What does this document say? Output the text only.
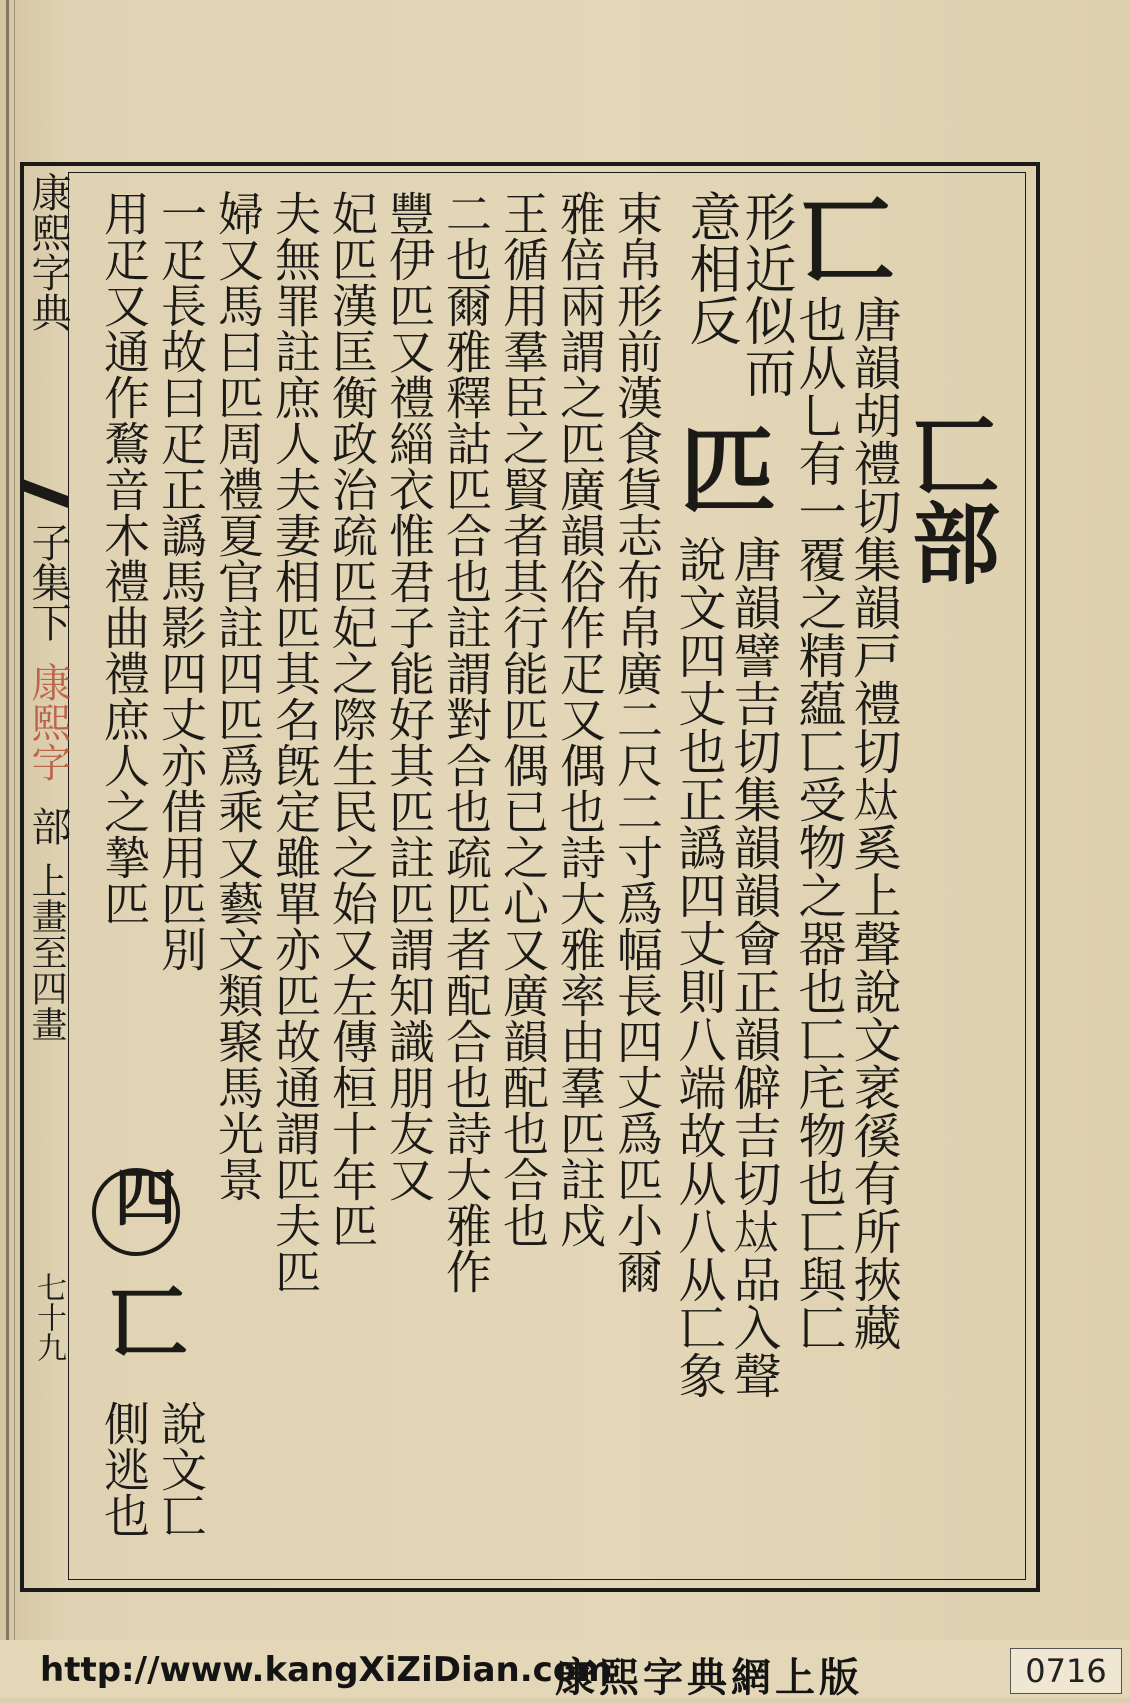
康熙字典
子集下
康熙字
部
上畫至四畫
七十九
匸部
匸
唐韻胡禮切集韻戸禮切𡘋奚上聲說文衺徯有所挾藏
也从乚有一覆之精藴匸受物之器也匸㡯物也匸與匚
形近似而
意相反
匹
唐韻譬吉切集韻韻會正韻僻吉切𡘋品入聲
說文四丈也正譌四丈則八端故从八从匸象
束帛形前漢食貨志布帛廣二尺二寸爲幅長四丈爲匹小爾
雅倍兩謂之匹廣韻俗作疋又偶也詩大雅率由羣匹註戍
王循用羣臣之賢者其行能匹偶已之心又廣韻配也合也
二也爾雅釋詁匹合也註謂對合也疏匹者配合也詩大雅作
豐伊匹又禮緇衣惟君子能好其匹註匹謂知識朋友又
妃匹漢匡衡政治疏匹妃之際生民之始又左傳桓十年匹
夫無罪註庶人夫妻相匹其名旣定雖單亦匹故通謂匹夫匹
婦又馬曰匹周禮夏官註四匹爲乘又藝文類聚馬光景
一疋長故曰疋正譌馬影四丈亦借用匹別
四
匸
說文匸
用疋又通作鶩音木禮曲禮庶人之摯匹
側逃也
http://www.kangXiZiDian.com
康熙字典網上版	0716
